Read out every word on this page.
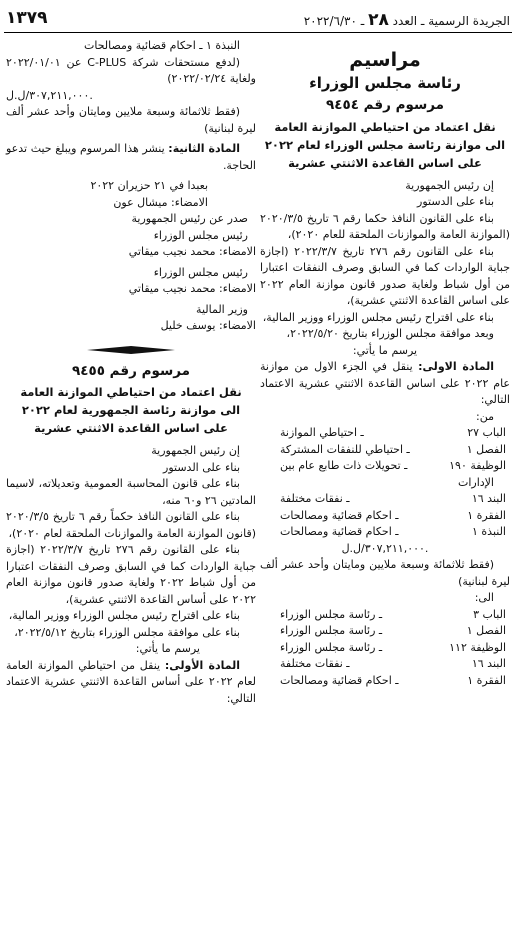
الجريدة الرسمية ـ العدد ٢٨ ـ ٢٠٢٢/٦/٣٠
١٣٧٩
مراسيم
رئاسة مجلس الوزراء
مرسوم رقم ٩٤٥٤
نقل اعتماد من احتياطي الموازنة العامة
الى موازنة رئاسة مجلس الوزراء لعام ٢٠٢٢
على اساس القاعدة الاثنتي عشرية

إن رئيس الجمهورية

بناء على الدستور

بناء على القانون النافذ حكما رقم ٦ تاريخ ٢٠٢٠/٣/٥ (الموازنة العامة والموازنات الملحقة للعام ٢٠٢٠)،

بناء على القانون رقم ٢٧٦ تاريخ ٢٠٢٢/٣/٧ (اجازة جباية الواردات كما في السابق وصرف النفقات اعتبارا من أول شباط ولغاية صدور قانون موازنة العام ٢٠٢٢ على اساس القاعدة الاثنتي عشرية)،

بناء على اقتراح رئيس مجلس الوزراء ووزير المالية،

وبعد موافقة مجلس الوزراء بتاريخ ٢٠٢٢/٥/٢٠،

يرسم ما يأتي:

المادة الاولى: ينقل في الجزء الاول من موازنة عام ٢٠٢٢ على اساس القاعدة الاثنتي عشرية الاعتماد التالي:

من:

الباب ٢٧
ـ احتياطي الموازنة
الفصل ١
ـ احتياطي للنفقات المشتركة
الوظيفة ١٩٠
ـ تحويلات ذات طابع عام بين

الإدارات

البند ١٦
ـ نفقات مختلفة
الفقرة ١
ـ احكام قضائية ومصالحات
النبذة ١
ـ احكام قضائية ومصالحات

٣٠٧,٢١١,٠٠٠/ل.ل.

(فقط ثلاثمائة وسبعة ملايين ومايتان وأحد عشر ألف ليرة لبنانية)

الى:

الباب ٣
ـ رئاسة مجلس الوزراء
الفصل ١
ـ رئاسة مجلس الوزراء
الوظيفة ١١٢
ـ رئاسة مجلس الوزراء
البند ١٦
ـ نفقات مختلفة
الفقرة ١
ـ احكام قضائية ومصالحات

النبذة ١ ـ احكام قضائية ومصالحات

(لدفع مستحقات شركة C-PLUS عن ٢٠٢٢/٠١/٠١ ولغاية ٢٠٢٢/٠٢/٢٤)

٣٠٧,٢١١,٠٠٠/ل.ل.

(فقط ثلاثمائة وسبعة ملايين ومايتان وأحد عشر ألف ليرة لبنانية)

المادة الثانية: ينشر هذا المرسوم ويبلغ حيث تدعو الحاجة.

بعبدا في ٢١ حزيران ٢٠٢٢

الامضاء: ميشال عون

صدر عن رئيس الجمهورية

رئيس مجلس الوزراء

الامضاء: محمد نجيب ميقاتي

رئيس مجلس الوزراء

الامضاء: محمد نجيب ميقاتي

وزير المالية

الامضاء: يوسف خليل

مرسوم رقم ٩٤٥٥
نقل اعتماد من احتياطي الموازنة العامة
الى موازنة رئاسة الجمهورية لعام ٢٠٢٢
على اساس القاعدة الاثنتي عشرية

إن رئيس الجمهورية

بناء على الدستور

بناء على قانون المحاسبة العمومية وتعديلاته، لاسيما المادتين ٢٦ و٦٠ منه،

بناء على القانون النافذ حكماً رقم ٦ تاريخ ٢٠٢٠/٣/٥ (قانون الموازنة العامة والموازنات الملحقة لعام ٢٠٢٠)،

بناء على القانون رقم ٢٧٦ تاريخ ٢٠٢٢/٣/٧ (اجازة جباية الواردات كما في السابق وصرف النفقات اعتبارا من أول شباط ٢٠٢٢ ولغاية صدور قانون موازنة العام ٢٠٢٢ على أساس القاعدة الاثنتي عشرية)،

بناء على اقتراح رئيس مجلس الوزراء ووزير المالية،

بناء على موافقة مجلس الوزراء بتاريخ ٢٠٢٢/٥/١٢،

يرسم ما يأتي:

المادة الأولى: ينقل من احتياطي الموازنة العامة لعام ٢٠٢٢ على أساس القاعدة الاثنتي عشرية الاعتماد التالي:
